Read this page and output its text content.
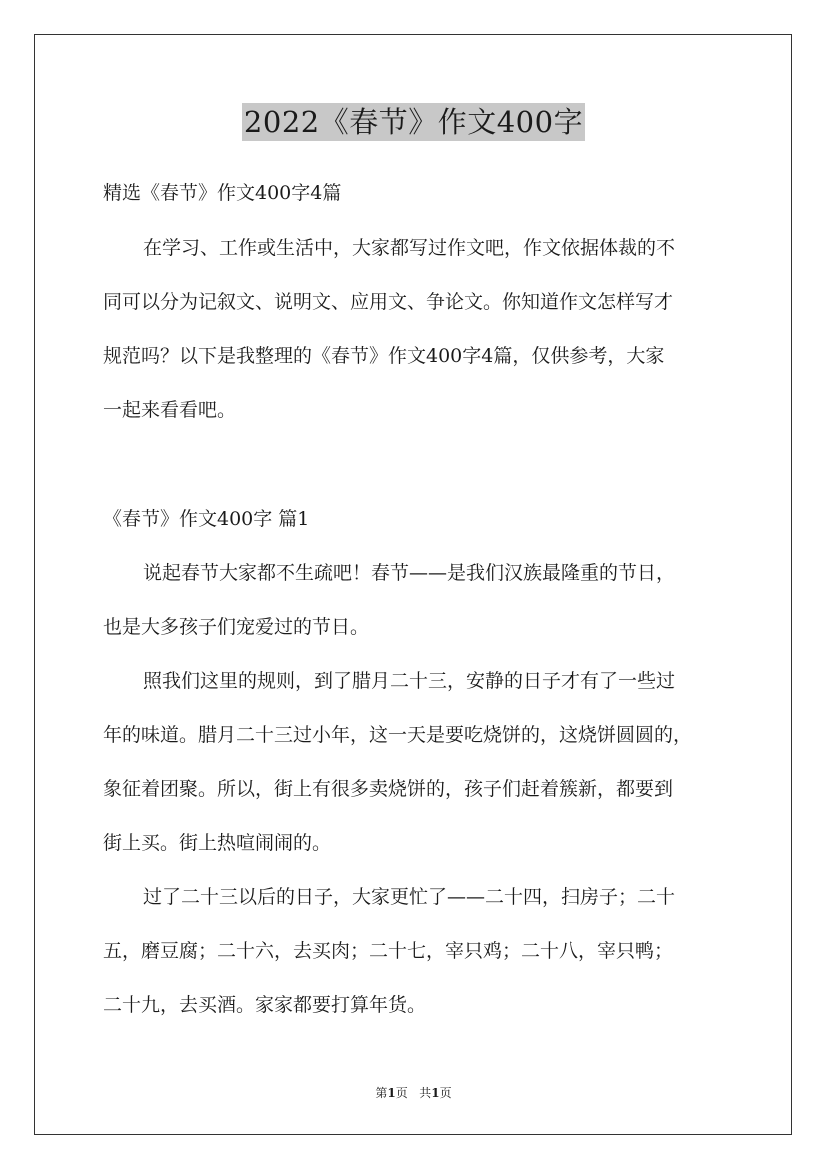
2022《春节》作文400字
精选《春节》作文400字4篇
在学习、工作或生活中，大家都写过作文吧，作文依据体裁的不
同可以分为记叙文、说明文、应用文、争论文。你知道作文怎样写才
规范吗？以下是我整理的《春节》作文400字4篇，仅供参考，大家
一起来看看吧。
《春节》作文400字 篇1
说起春节大家都不生疏吧！春节——是我们汉族最隆重的节日，
也是大多孩子们宠爱过的节日。
照我们这里的规则，到了腊月二十三，安静的日子才有了一些过
年的味道。腊月二十三过小年，这一天是要吃烧饼的，这烧饼圆圆的，
象征着团聚。所以，街上有很多卖烧饼的，孩子们赶着簇新，都要到
街上买。街上热喧闹闹的。
过了二十三以后的日子，大家更忙了——二十四，扫房子；二十
五，磨豆腐；二十六，去买肉；二十七，宰只鸡；二十八，宰只鸭；
二十九，去买酒。家家都要打算年货。
第1页 共1页
